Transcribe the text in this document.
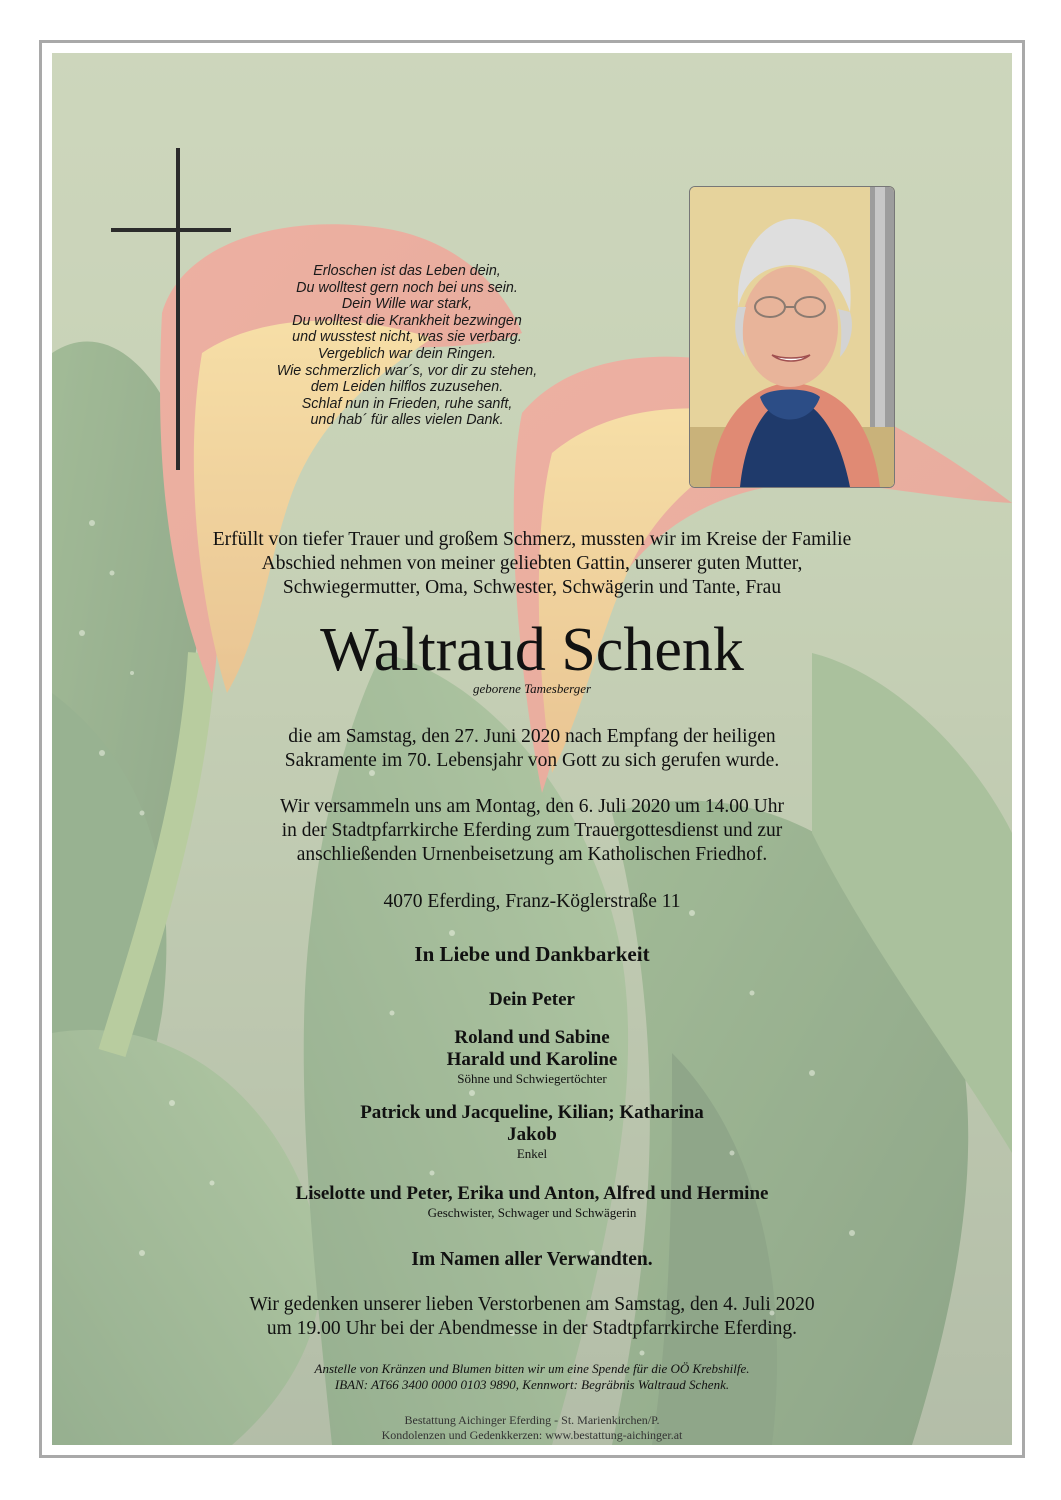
Erloschen ist das Leben dein,
Du wolltest gern noch bei uns sein.
Dein Wille war stark,
Du wolltest die Krankheit bezwingen
und wusstest nicht, was sie verbarg.
Vergeblich war dein Ringen.
Wie schmerzlich war´s, vor dir zu stehen,
dem Leiden hilflos zuzusehen.
Schlaf nun in Frieden, ruhe sanft,
und hab´ für alles vielen Dank.
Erfüllt von tiefer Trauer und großem Schmerz, mussten wir im Kreise der Familie
Abschied nehmen von meiner geliebten Gattin, unserer guten Mutter,
Schwiegermutter, Oma, Schwester, Schwägerin und Tante, Frau
Waltraud Schenk
geborene Tamesberger
die am Samstag, den 27. Juni 2020 nach Empfang der heiligen
Sakramente im 70. Lebensjahr von Gott zu sich gerufen wurde.
Wir versammeln uns am Montag, den 6. Juli 2020 um 14.00 Uhr
in der Stadtpfarrkirche Eferding zum Trauergottesdienst und zur
anschließenden Urnenbeisetzung am Katholischen Friedhof.
4070 Eferding, Franz-Köglerstraße 11
In Liebe und Dankbarkeit
Dein Peter
Roland und Sabine
Harald und Karoline
Söhne und Schwiegertöchter
Patrick und Jacqueline, Kilian; Katharina
Jakob
Enkel
Liselotte und Peter, Erika und Anton, Alfred und Hermine
Geschwister, Schwager und Schwägerin
Im Namen aller Verwandten.
Wir gedenken unserer lieben Verstorbenen am Samstag, den 4. Juli 2020
um 19.00 Uhr bei der Abendmesse in der Stadtpfarrkirche Eferding.
Anstelle von Kränzen und Blumen bitten wir um eine Spende für die OÖ Krebshilfe.
IBAN: AT66 3400 0000 0103 9890, Kennwort: Begräbnis Waltraud Schenk.
Bestattung Aichinger Eferding - St. Marienkirchen/P.
Kondolenzen und Gedenkkerzen: www.bestattung-aichinger.at
